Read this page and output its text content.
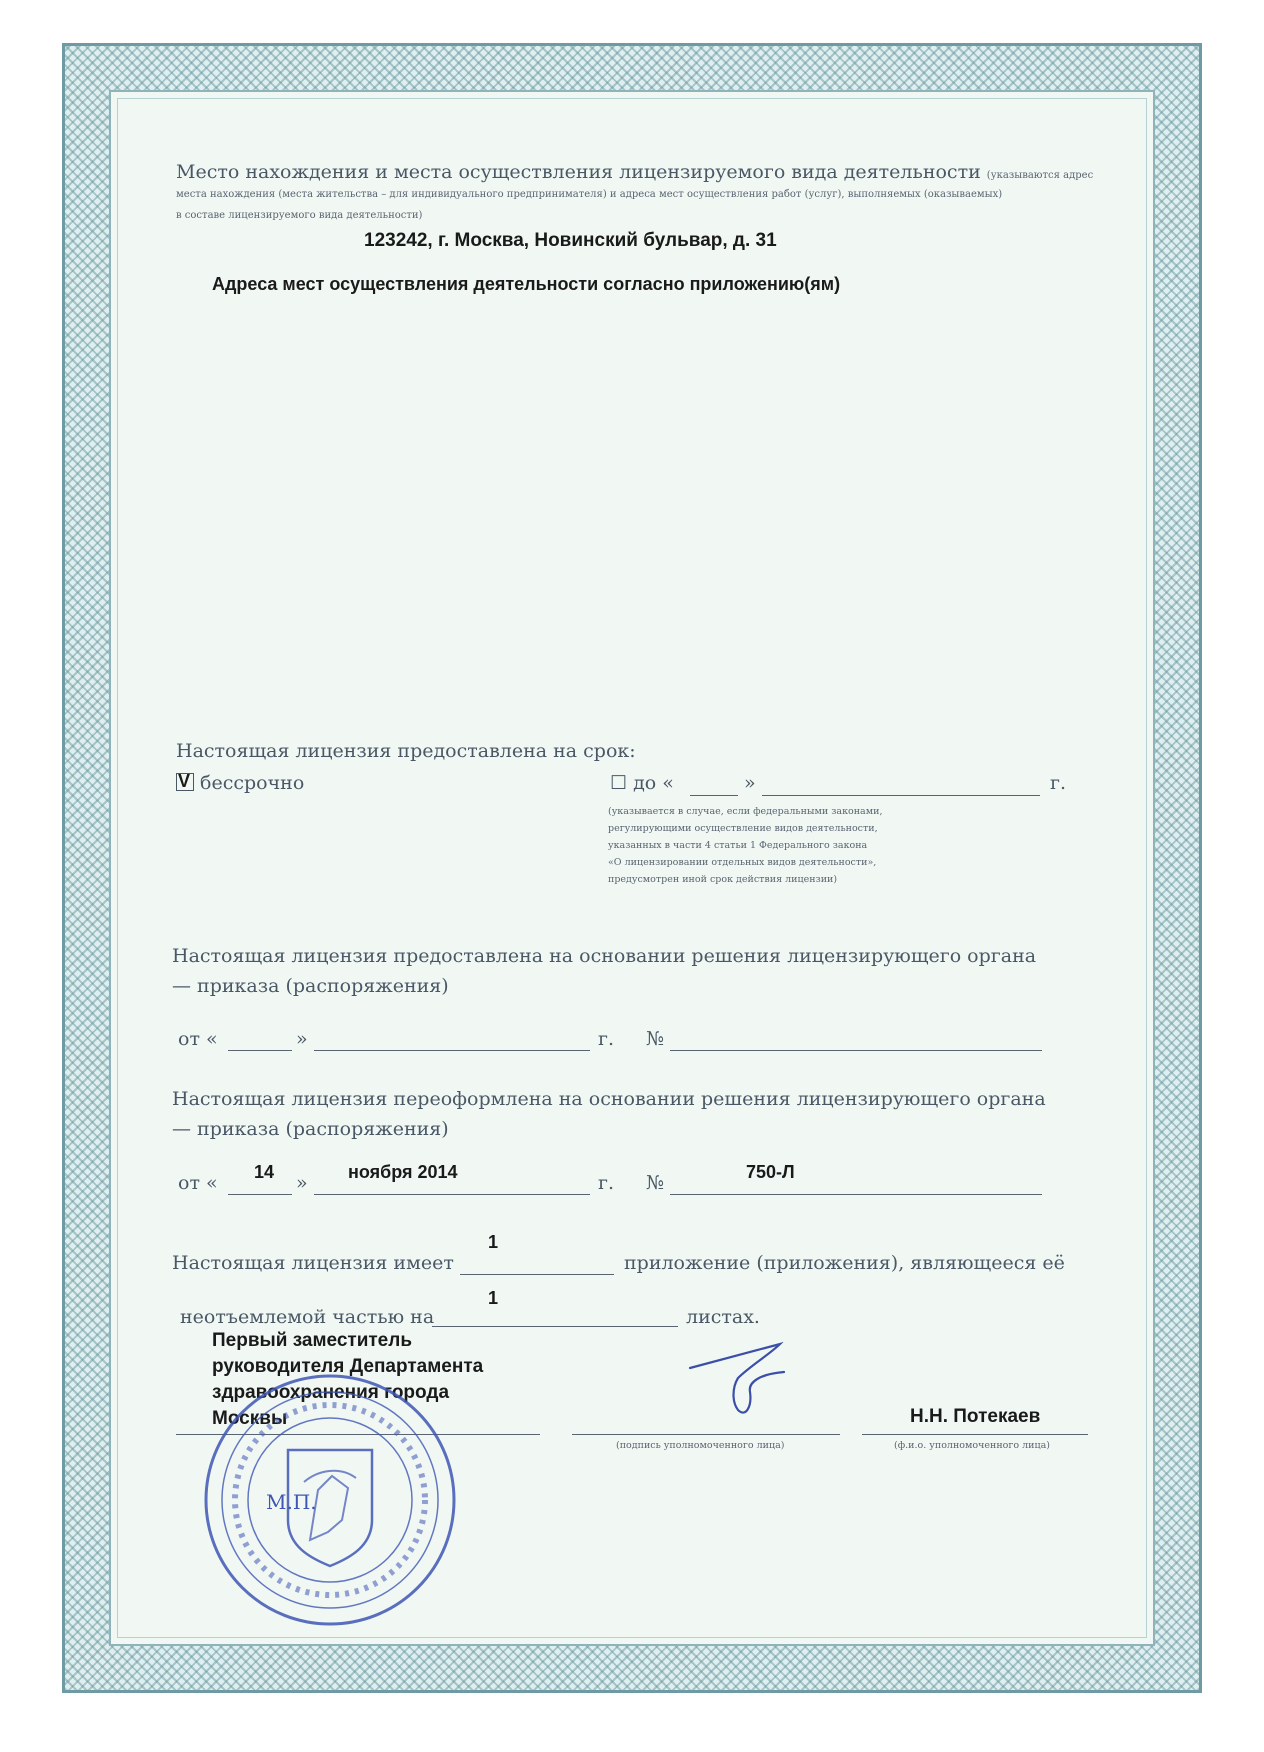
Место нахождения и места осуществления лицензируемого вида деятельности (указываются адрес
места нахождения (места жительства – для индивидуального предпринимателя) и адреса мест осуществления работ (услуг), выполняемых (оказываемых)
в составе лицензируемого вида деятельности)
123242, г. Москва, Новинский бульвар, д. 31
Адреса мест осуществления деятельности согласно приложению(ям)
Настоящая лицензия предоставлена на срок:
V бессрочно	☐ до «	»	г.
(указывается в случае, если федеральными законами,
регулирующими осуществление видов деятельности,
указанных в части 4 статьи 1 Федерального закона
«О лицензировании отдельных видов деятельности»,
предусмотрен иной срок действия лицензии)
Настоящая лицензия предоставлена на основании решения лицензирующего органа
— приказа (распоряжения)
от «	»	г. №
Настоящая лицензия переоформлена на основании решения лицензирующего органа
— приказа (распоряжения)
от « 14 » ноября 2014	г. №	750-Л
Настоящая лицензия имеет
1
приложение (приложения), являющееся её
неотъемлемой частью на
1
листах.
Первый заместитель
руководителя Департамента
здравоохранения города
Москвы	Н.Н. Потекаев
(подпись уполномоченного лица)	(ф.и.о. уполномоченного лица)
М.П.
